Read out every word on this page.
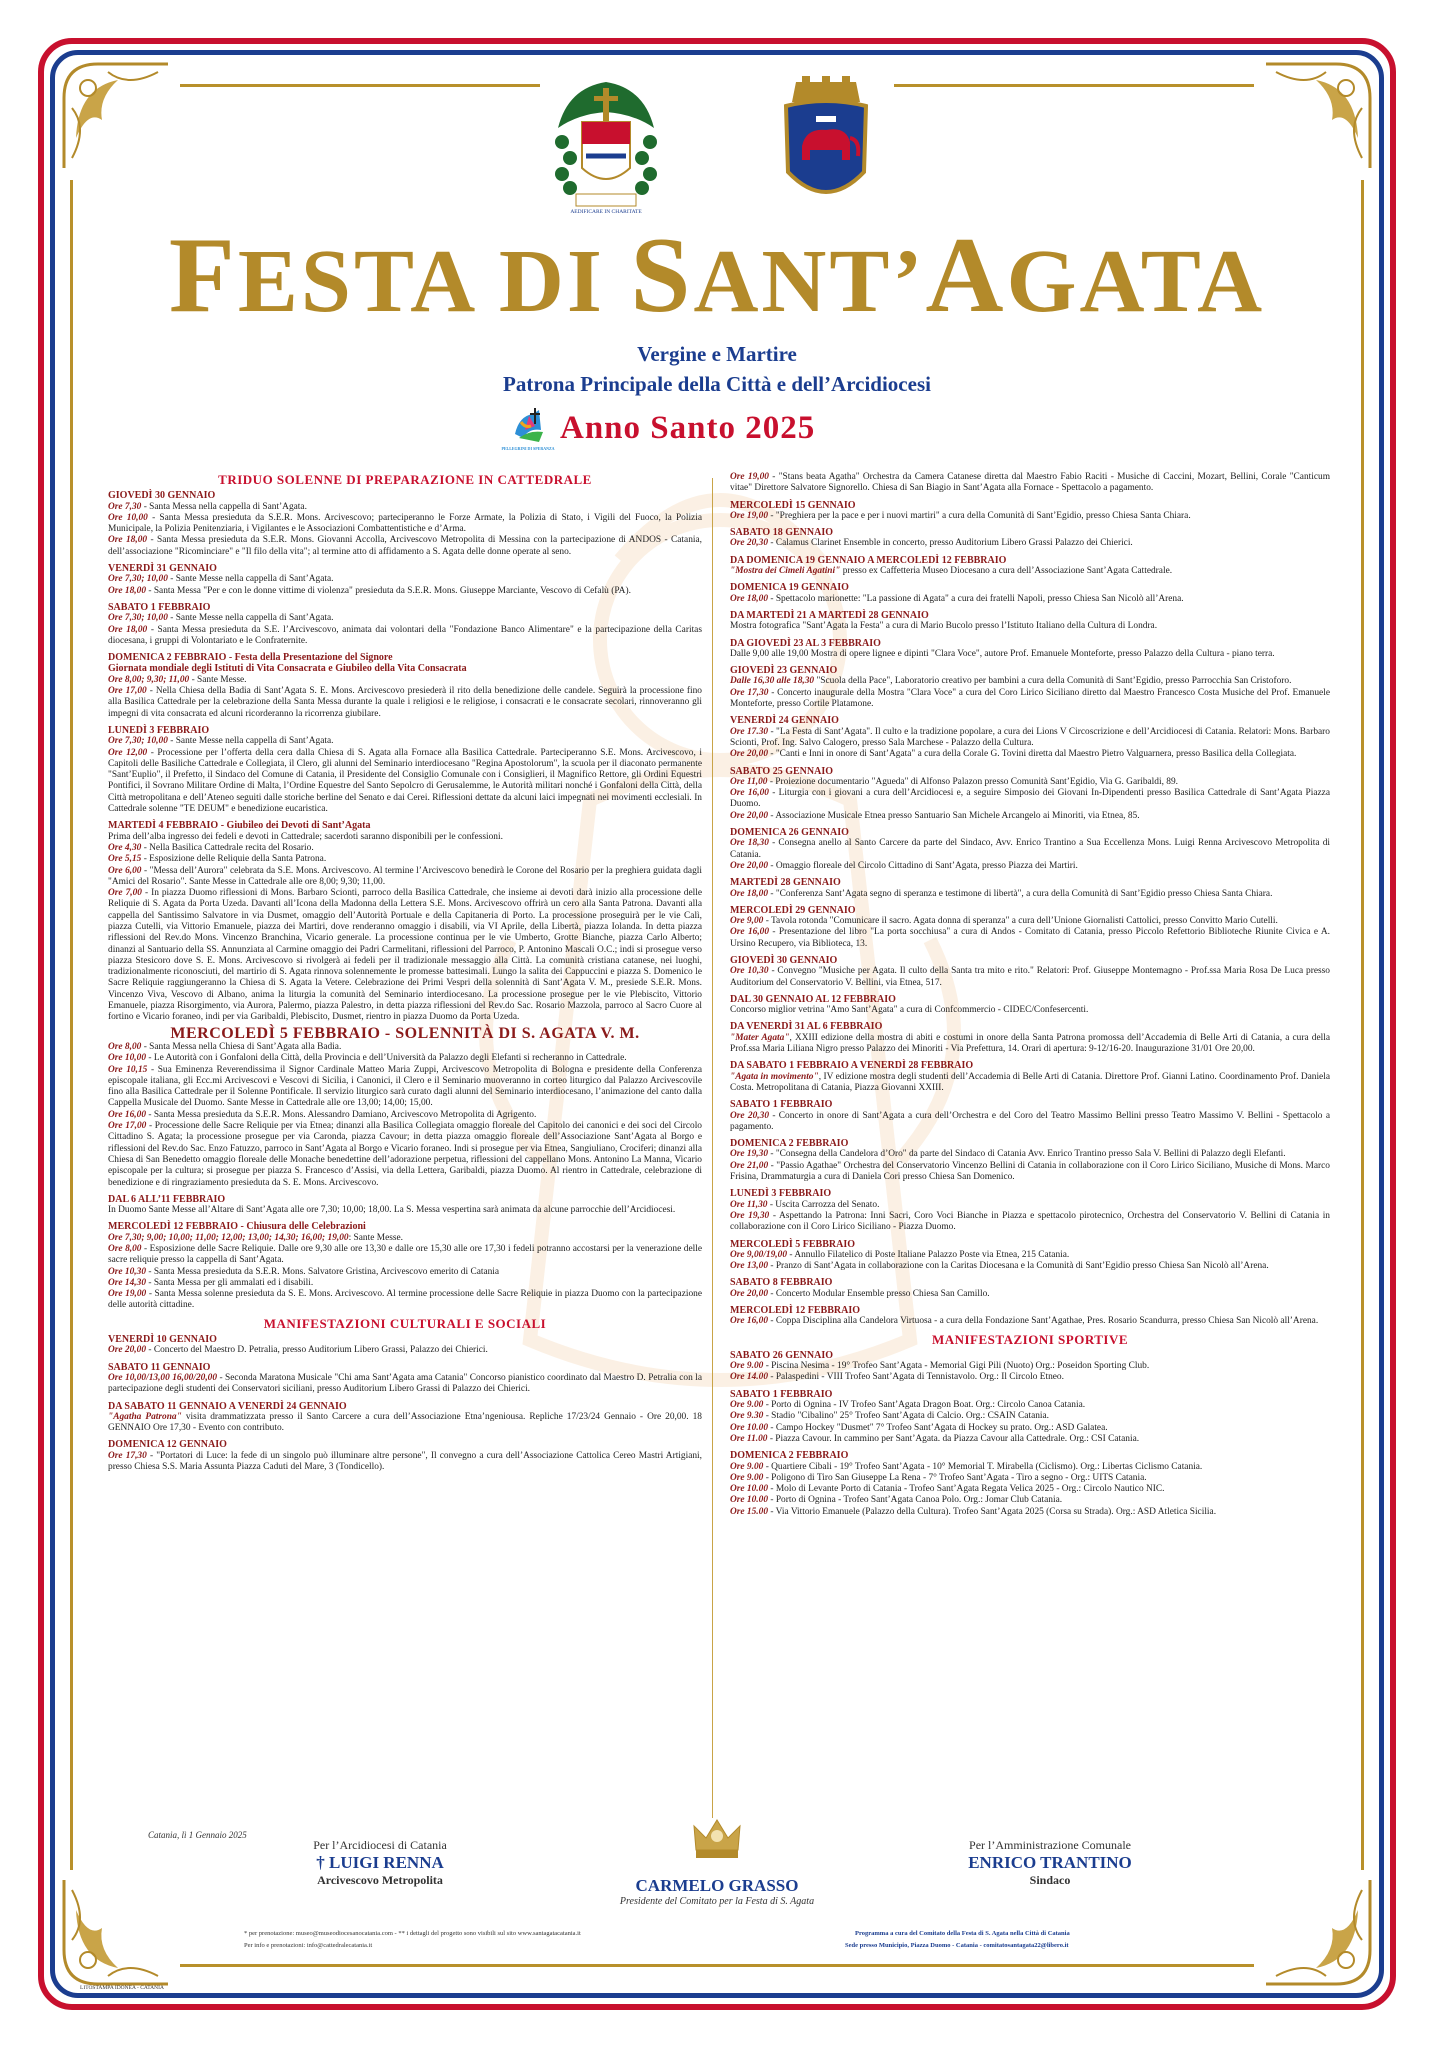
AEDIFICARE IN CHARITATE
FESTA DI SANT’AGATA
Vergine e Martire
Patrona Principale della Città e dell’Arcidiocesi
PELLEGRINI DI SPERANZA
Anno Santo 2025
TRIDUO SOLENNE DI PREPARAZIONE IN CATTEDRALE
GIOVEDÌ 30 GENNAIO

Ore 7,30 - Santa Messa nella cappella di Sant’Agata.

Ore 10,00 - Santa Messa presieduta da S.E.R. Mons. Arcivescovo; parteciperanno le Forze Armate, la Polizia di Stato, i Vigili del Fuoco, la Polizia Municipale, la Polizia Penitenziaria, i Vigilantes e le Associazioni Combattentistiche e d’Arma.

Ore 18,00 - Santa Messa presieduta da S.E.R. Mons. Giovanni Accolla, Arcivescovo Metropolita di Messina con la partecipazione di ANDOS - Catania, dell’associazione "Ricominciare" e "Il filo della vita"; al termine atto di affidamento a S. Agata delle donne operate al seno.

VENERDÌ 31 GENNAIO

Ore 7,30; 10,00 - Sante Messe nella cappella di Sant’Agata.

Ore 18,00 - Santa Messa "Per e con le donne vittime di violenza" presieduta da S.E.R. Mons. Giuseppe Marciante, Vescovo di Cefalù (PA).

SABATO 1 FEBBRAIO

Ore 7,30; 10,00 - Sante Messe nella cappella di Sant’Agata.

Ore 18,00 - Santa Messa presieduta da S.E. l’Arcivescovo, animata dai volontari della "Fondazione Banco Alimentare" e la partecipazione della Caritas diocesana, i gruppi di Volontariato e le Confraternite.

DOMENICA 2 FEBBRAIO - Festa della Presentazione del Signore
Giornata mondiale degli Istituti di Vita Consacrata e Giubileo della Vita Consacrata

Ore 8,00; 9,30; 11,00 - Sante Messe.

Ore 17,00 - Nella Chiesa della Badia di Sant’Agata S. E. Mons. Arcivescovo presiederà il rito della benedizione delle candele. Seguirà la processione fino alla Basilica Cattedrale per la celebrazione della Santa Messa durante la quale i religiosi e le religiose, i consacrati e le consacrate secolari, rinnoveranno gli impegni di vita consacrata ed alcuni ricorderanno la ricorrenza giubilare.

LUNEDÌ 3 FEBBRAIO

Ore 7,30; 10,00 - Sante Messe nella cappella di Sant’Agata.

Ore 12,00 - Processione per l’offerta della cera dalla Chiesa di S. Agata alla Fornace alla Basilica Cattedrale. Parteciperanno S.E. Mons. Arcivescovo, i Capitoli delle Basiliche Cattedrale e Collegiata, il Clero, gli alunni del Seminario interdiocesano "Regina Apostolorum", la scuola per il diaconato permanente "Sant’Euplio", il Prefetto, il Sindaco del Comune di Catania, il Presidente del Consiglio Comunale con i Consiglieri, il Magnifico Rettore, gli Ordini Equestri Pontifici, il Sovrano Militare Ordine di Malta, l’Ordine Equestre del Santo Sepolcro di Gerusalemme, le Autorità militari nonché i Gonfaloni della Città, della Città metropolitana e dell’Ateneo seguiti dalle storiche berline del Senato e dai Cerei. Riflessioni dettate da alcuni laici impegnati nei movimenti ecclesiali. In Cattedrale solenne "TE DEUM" e benedizione eucaristica.

MARTEDÌ 4 FEBBRAIO - Giubileo dei Devoti di Sant’Agata

Prima dell’alba ingresso dei fedeli e devoti in Cattedrale; sacerdoti saranno disponibili per le confessioni.

Ore 4,30 - Nella Basilica Cattedrale recita del Rosario.

Ore 5,15 - Esposizione delle Reliquie della Santa Patrona.

Ore 6,00 - "Messa dell’Aurora" celebrata da S.E. Mons. Arcivescovo. Al termine l’Arcivescovo benedirà le Corone del Rosario per la preghiera guidata dagli "Amici del Rosario". Sante Messe in Cattedrale alle ore 8,00; 9,30; 11,00.

Ore 7,00 - In piazza Duomo riflessioni di Mons. Barbaro Scionti, parroco della Basilica Cattedrale, che insieme ai devoti darà inizio alla processione delle Reliquie di S. Agata da Porta Uzeda. Davanti all’Icona della Madonna della Lettera S.E. Mons. Arcivescovo offrirà un cero alla Santa Patrona. Davanti alla cappella del Santissimo Salvatore in via Dusmet, omaggio dell’Autorità Portuale e della Capitaneria di Porto. La processione proseguirà per le vie Calì, piazza Cutelli, via Vittorio Emanuele, piazza dei Martiri, dove renderanno omaggio i disabili, via VI Aprile, della Libertà, piazza Iolanda. In detta piazza riflessioni del Rev.do Mons. Vincenzo Branchina, Vicario generale. La processione continua per le vie Umberto, Grotte Bianche, piazza Carlo Alberto; dinanzi al Santuario della SS. Annunziata al Carmine omaggio dei Padri Carmelitani, riflessioni del Parroco, P. Antonino Mascali O.C.; indi si prosegue verso piazza Stesicoro dove S. E. Mons. Arcivescovo si rivolgerà ai fedeli per il tradizionale messaggio alla Città. La comunità cristiana catanese, nei luoghi, tradizionalmente riconosciuti, del martirio di S. Agata rinnova solennemente le promesse battesimali. Lungo la salita dei Cappuccini e piazza S. Domenico le Sacre Reliquie raggiungeranno la Chiesa di S. Agata la Vetere. Celebrazione dei Primi Vespri della solennità di Sant’Agata V. M., presiede S.E.R. Mons. Vincenzo Viva, Vescovo di Albano, anima la liturgia la comunità del Seminario interdiocesano. La processione prosegue per le vie Plebiscito, Vittorio Emanuele, piazza Risorgimento, via Aurora, Palermo, piazza Palestro, in detta piazza riflessioni del Rev.do Sac. Rosario Mazzola, parroco al Sacro Cuore al fortino e Vicario foraneo, indi per via Garibaldi, Plebiscito, Dusmet, rientro in piazza Duomo da Porta Uzeda.

MERCOLEDÌ 5 FEBBRAIO - SOLENNITÀ DI S. AGATA V. M.

Ore 8,00 - Santa Messa nella Chiesa di Sant’Agata alla Badia.

Ore 10,00 - Le Autorità con i Gonfaloni della Città, della Provincia e dell’Università da Palazzo degli Elefanti si recheranno in Cattedrale.

Ore 10,15 - Sua Eminenza Reverendissima il Signor Cardinale Matteo Maria Zuppi, Arcivescovo Metropolita di Bologna e presidente della Conferenza episcopale italiana, gli Ecc.mi Arcivescovi e Vescovi di Sicilia, i Canonici, il Clero e il Seminario muoveranno in corteo liturgico dal Palazzo Arcivescovile fino alla Basilica Cattedrale per il Solenne Pontificale. Il servizio liturgico sarà curato dagli alunni del Seminario interdiocesano, l’animazione del canto dalla Cappella Musicale del Duomo. Sante Messe in Cattedrale alle ore 13,00; 14,00; 15,00.

Ore 16,00 - Santa Messa presieduta da S.E.R. Mons. Alessandro Damiano, Arcivescovo Metropolita di Agrigento.

Ore 17,00 - Processione delle Sacre Reliquie per via Etnea; dinanzi alla Basilica Collegiata omaggio floreale del Capitolo dei canonici e dei soci del Circolo Cittadino S. Agata; la processione prosegue per via Caronda, piazza Cavour; in detta piazza omaggio floreale dell’Associazione Sant’Agata al Borgo e riflessioni del Rev.do Sac. Enzo Fatuzzo, parroco in Sant’Agata al Borgo e Vicario foraneo. Indi si prosegue per via Etnea, Sangiuliano, Crociferi; dinanzi alla Chiesa di San Benedetto omaggio floreale delle Monache benedettine dell’adorazione perpetua, riflessioni del cappellano Mons. Antonino La Manna, Vicario episcopale per la cultura; si prosegue per piazza S. Francesco d’Assisi, via della Lettera, Garibaldi, piazza Duomo. Al rientro in Cattedrale, celebrazione di benedizione e di ringraziamento presieduta da S. E. Mons. Arcivescovo.

DAL 6 ALL’11 FEBBRAIO

In Duomo Sante Messe all’Altare di Sant’Agata alle ore 7,30; 10,00; 18,00. La S. Messa vespertina sarà animata da alcune parrocchie dell’Arcidiocesi.

MERCOLEDÌ 12 FEBBRAIO - Chiusura delle Celebrazioni

Ore 7,30; 9,00; 10,00; 11,00; 12,00; 13,00; 14,30; 16,00; 19,00: Sante Messe.

Ore 8,00 - Esposizione delle Sacre Reliquie. Dalle ore 9,30 alle ore 13,30 e dalle ore 15,30 alle ore 17,30 i fedeli potranno accostarsi per la venerazione delle sacre reliquie presso la cappella di Sant’Agata.

Ore 10,30 - Santa Messa presieduta da S.E.R. Mons. Salvatore Gristina, Arcivescovo emerito di Catania

Ore 14,30 - Santa Messa per gli ammalati ed i disabili.

Ore 19,00 - Santa Messa solenne presieduta da S. E. Mons. Arcivescovo. Al termine processione delle Sacre Reliquie in piazza Duomo con la partecipazione delle autorità cittadine.

MANIFESTAZIONI CULTURALI E SOCIALI
VENERDÌ 10 GENNAIO

Ore 20,00 - Concerto del Maestro D. Petralia, presso Auditorium Libero Grassi, Palazzo dei Chierici.

SABATO 11 GENNAIO

Ore 10,00/13,00 16,00/20,00 - Seconda Maratona Musicale "Chi ama Sant’Agata ama Catania" Concorso pianistico coordinato dal Maestro D. Petralia con la partecipazione degli studenti dei Conservatori siciliani, presso Auditorium Libero Grassi di Palazzo dei Chierici.

DA SABATO 11 GENNAIO A VENERDÌ 24 GENNAIO

"Agatha Patrona" visita drammatizzata presso il Santo Carcere a cura dell’Associazione Etna’ngeniousa. Repliche 17/23/24 Gennaio - Ore 20,00. 18 GENNAIO Ore 17,30 - Evento con contributo.

DOMENICA 12 GENNAIO

Ore 17,30 - "Portatori di Luce: la fede di un singolo può illuminare altre persone", Il convegno a cura dell’Associazione Cattolica Cereo Mastri Artigiani, presso Chiesa S.S. Maria Assunta Piazza Caduti del Mare, 3 (Tondicello).

Ore 19,00 - "Stans beata Agatha" Orchestra da Camera Catanese diretta dal Maestro Fabio Raciti - Musiche di Caccini, Mozart, Bellini, Corale "Canticum vitae" Direttore Salvatore Signorello. Chiesa di San Biagio in Sant’Agata alla Fornace - Spettacolo a pagamento.

MERCOLEDÌ 15 GENNAIO

Ore 19,00 - "Preghiera per la pace e per i nuovi martiri" a cura della Comunità di Sant’Egidio, presso Chiesa Santa Chiara.

SABATO 18 GENNAIO

Ore 20,30 - Calamus Clarinet Ensemble in concerto, presso Auditorium Libero Grassi Palazzo dei Chierici.

DA DOMENICA 19 GENNAIO A MERCOLEDÌ 12 FEBBRAIO

"Mostra dei Cimeli Agatini" presso ex Caffetteria Museo Diocesano a cura dell’Associazione Sant’Agata Cattedrale.

DOMENICA 19 GENNAIO

Ore 18,00 - Spettacolo marionette: "La passione di Agata" a cura dei fratelli Napoli, presso Chiesa San Nicolò all’Arena.

DA MARTEDÌ 21 A MARTEDÌ 28 GENNAIO

Mostra fotografica "Sant’Agata la Festa" a cura di Mario Bucolo presso l’Istituto Italiano della Cultura di Londra.

DA GIOVEDÌ 23 AL 3 FEBBRAIO

Dalle 9,00 alle 19,00 Mostra di opere lignee e dipinti "Clara Voce", autore Prof. Emanuele Monteforte, presso Palazzo della Cultura - piano terra.

GIOVEDÌ 23 GENNAIO

Dalle 16,30 alle 18,30 "Scuola della Pace", Laboratorio creativo per bambini a cura della Comunità di Sant’Egidio, presso Parrocchia San Cristoforo.

Ore 17,30 - Concerto inaugurale della Mostra "Clara Voce" a cura del Coro Lirico Siciliano diretto dal Maestro Francesco Costa Musiche del Prof. Emanuele Monteforte, presso Cortile Platamone.

VENERDÌ 24 GENNAIO

Ore 17.30 - "La Festa di Sant’Agata". Il culto e la tradizione popolare, a cura dei Lions V Circoscrizione e dell’Arcidiocesi di Catania. Relatori: Mons. Barbaro Scionti, Prof. Ing. Salvo Calogero, presso Sala Marchese - Palazzo della Cultura.

Ore 20,00 - "Canti e Inni in onore di Sant’Agata" a cura della Corale G. Tovini diretta dal Maestro Pietro Valguarnera, presso Basilica della Collegiata.

SABATO 25 GENNAIO

Ore 11,00 - Proiezione documentario "Agueda" di Alfonso Palazon presso Comunità Sant’Egidio, Via G. Garibaldi, 89.

Ore 16,00 - Liturgia con i giovani a cura dell’Arcidiocesi e, a seguire Simposio dei Giovani In-Dipendenti presso Basilica Cattedrale di Sant’Agata Piazza Duomo.

Ore 20,00 - Associazione Musicale Etnea presso Santuario San Michele Arcangelo ai Minoriti, via Etnea, 85.

DOMENICA 26 GENNAIO

Ore 18,30 - Consegna anello al Santo Carcere da parte del Sindaco, Avv. Enrico Trantino a Sua Eccellenza Mons. Luigi Renna Arcivescovo Metropolita di Catania.

Ore 20,00 - Omaggio floreale del Circolo Cittadino di Sant’Agata, presso Piazza dei Martiri.

MARTEDÌ 28 GENNAIO

Ore 18,00 - "Conferenza Sant’Agata segno di speranza e testimone di libertà", a cura della Comunità di Sant’Egidio presso Chiesa Santa Chiara.

MERCOLEDÌ 29 GENNAIO

Ore 9,00 - Tavola rotonda "Comunicare il sacro. Agata donna di speranza" a cura dell’Unione Giornalisti Cattolici, presso Convitto Mario Cutelli.

Ore 16,00 - Presentazione del libro "La porta socchiusa" a cura di Andos - Comitato di Catania, presso Piccolo Refettorio Biblioteche Riunite Civica e A. Ursino Recupero, via Biblioteca, 13.

GIOVEDÌ 30 GENNAIO

Ore 10,30 - Convegno "Musiche per Agata. Il culto della Santa tra mito e rito." Relatori: Prof. Giuseppe Montemagno - Prof.ssa Maria Rosa De Luca presso Auditorium del Conservatorio V. Bellini, via Etnea, 517.

DAL 30 GENNAIO AL 12 FEBBRAIO

Concorso miglior vetrina "Amo Sant’Agata" a cura di Confcommercio - CIDEC/Confesercenti.

DA VENERDÌ 31 AL 6 FEBBRAIO

"Mater Agata", XXIII edizione della mostra di abiti e costumi in onore della Santa Patrona promossa dell’Accademia di Belle Arti di Catania, a cura della Prof.ssa Maria Liliana Nigro presso Palazzo dei Minoriti - Via Prefettura, 14. Orari di apertura: 9-12/16-20. Inaugurazione 31/01 Ore 20,00.

DA SABATO 1 FEBBRAIO A VENERDÌ 28 FEBBRAIO

"Agata in movimento", IV edizione mostra degli studenti dell’Accademia di Belle Arti di Catania. Direttore Prof. Gianni Latino. Coordinamento Prof. Daniela Costa. Metropolitana di Catania, Piazza Giovanni XXIII.

SABATO 1 FEBBRAIO

Ore 20,30 - Concerto in onore di Sant’Agata a cura dell’Orchestra e del Coro del Teatro Massimo Bellini presso Teatro Massimo V. Bellini - Spettacolo a pagamento.

DOMENICA 2 FEBBRAIO

Ore 19,30 - "Consegna della Candelora d’Oro" da parte del Sindaco di Catania Avv. Enrico Trantino presso Sala V. Bellini di Palazzo degli Elefanti.

Ore 21,00 - "Passio Agathae" Orchestra del Conservatorio Vincenzo Bellini di Catania in collaborazione con il Coro Lirico Siciliano, Musiche di Mons. Marco Frisina, Drammaturgia a cura di Daniela Cori presso Chiesa San Domenico.

LUNEDÌ 3 FEBBRAIO

Ore 11,30 - Uscita Carrozza del Senato.

Ore 19,30 - Aspettando la Patrona: Inni Sacri, Coro Voci Bianche in Piazza e spettacolo pirotecnico, Orchestra del Conservatorio V. Bellini di Catania in collaborazione con il Coro Lirico Siciliano - Piazza Duomo.

MERCOLEDÌ 5 FEBBRAIO

Ore 9,00/19,00 - Annullo Filatelico di Poste Italiane Palazzo Poste via Etnea, 215 Catania.

Ore 13,00 - Pranzo di Sant’Agata in collaborazione con la Caritas Diocesana e la Comunità di Sant’Egidio presso Chiesa San Nicolò all’Arena.

SABATO 8 FEBBRAIO

Ore 20,00 - Concerto Modular Ensemble presso Chiesa San Camillo.

MERCOLEDÌ 12 FEBBRAIO

Ore 16,00 - Coppa Disciplina alla Candelora Virtuosa - a cura della Fondazione Sant’Agathae, Pres. Rosario Scandurra, presso Chiesa San Nicolò all’Arena.

MANIFESTAZIONI SPORTIVE
SABATO 26 GENNAIO

Ore 9.00 - Piscina Nesima - 19° Trofeo Sant’Agata - Memorial Gigi Pili (Nuoto) Org.: Poseidon Sporting Club.

Ore 14.00 - Palaspedini - VIII Trofeo Sant’Agata di Tennistavolo. Org.: Il Circolo Etneo.

SABATO 1 FEBBRAIO

Ore 9.00 - Porto di Ognina - IV Trofeo Sant’Agata Dragon Boat. Org.: Circolo Canoa Catania.

Ore 9.30 - Stadio "Cibalino" 25° Trofeo Sant’Agata di Calcio. Org.: CSAIN Catania.

Ore 10.00 - Campo Hockey "Dusmet" 7° Trofeo Sant’Agata di Hockey su prato. Org.: ASD Galatea.

Ore 11.00 - Piazza Cavour. In cammino per Sant’Agata. da Piazza Cavour alla Cattedrale. Org.: CSI Catania.

DOMENICA 2 FEBBRAIO

Ore 9.00 - Quartiere Cibali - 19° Trofeo Sant’Agata - 10° Memorial T. Mirabella (Ciclismo). Org.: Libertas Ciclismo Catania.

Ore 9.00 - Poligono di Tiro San Giuseppe La Rena - 7° Trofeo Sant’Agata - Tiro a segno - Org.: UITS Catania.

Ore 10.00 - Molo di Levante Porto di Catania - Trofeo Sant’Agata Regata Velica 2025 - Org.: Circolo Nautico NIC.

Ore 10.00 - Porto di Ognina - Trofeo Sant’Agata Canoa Polo. Org.: Jomar Club Catania.

Ore 15.00 - Via Vittorio Emanuele (Palazzo della Cultura). Trofeo Sant’Agata 2025 (Corsa su Strada). Org.: ASD Atletica Sicilia.

Catania, lì 1 Gennaio 2025
Per l’Arcidiocesi di Catania
† LUIGI RENNA
Arcivescovo Metropolita	CARMELO GRASSO
Presidente del Comitato per la Festa di S. Agata
Per l’Amministrazione Comunale
ENRICO TRANTINO
Sindaco
* per prenotazione: museo@museodiocesanocatania.com - ** i dettagli del progetto sono visibili sul sito www.santagatacatania.it
Per info e prenotazioni: info@cattedralecatania.it
Programma a cura del Comitato della Festa di S. Agata nella Città di Catania
Sede presso Municipio, Piazza Duomo - Catania - comitatosantagata22@libero.it
LITOSTAMPA IDONEA - CATANIA
